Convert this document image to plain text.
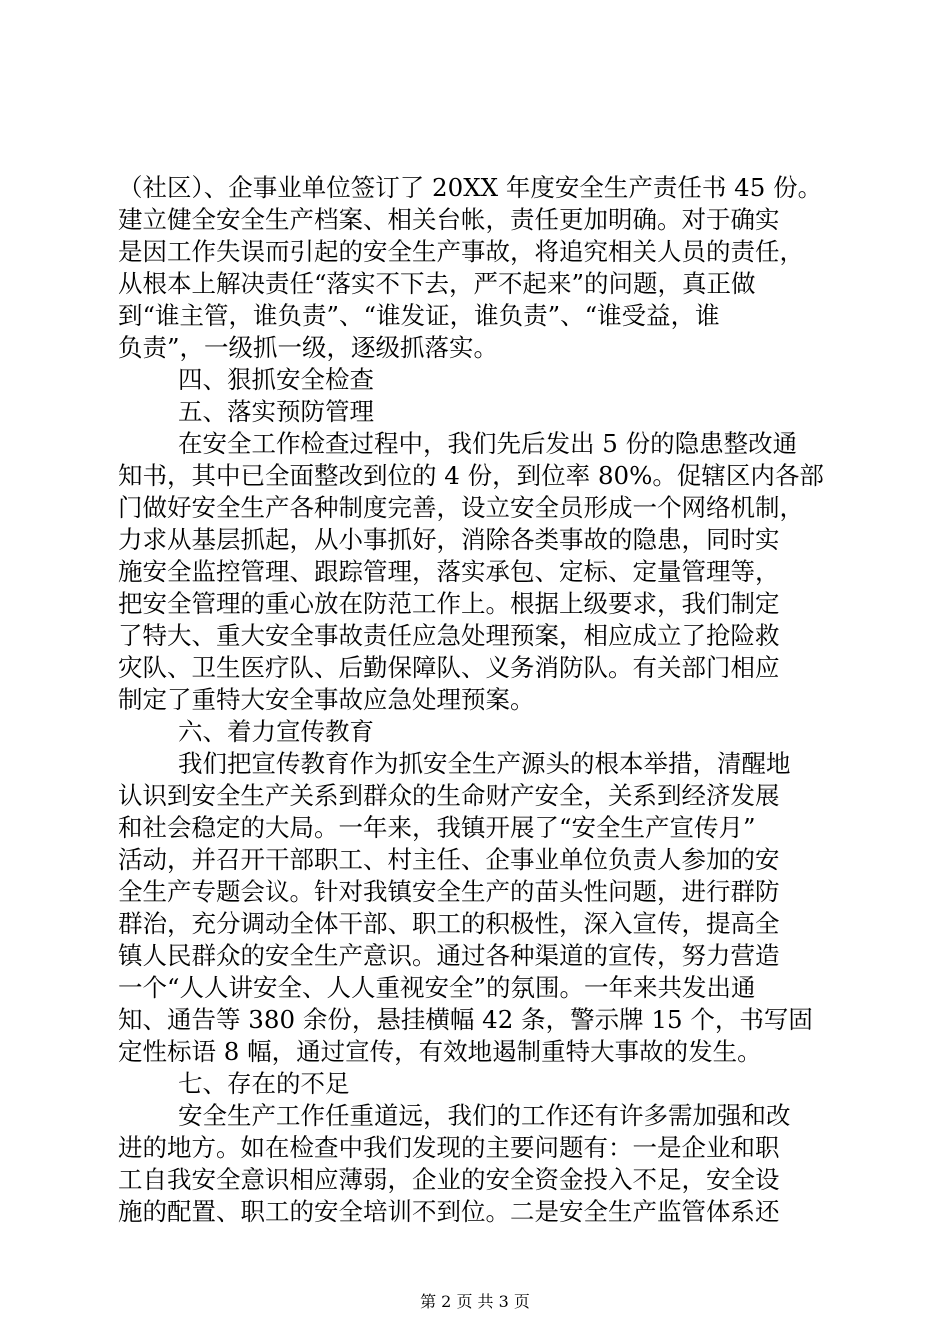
（社区）、企事业单位签订了 20XX 年度安全生产责任书 45 份。
建立健全安全生产档案、相关台帐，责任更加明确。对于确实
是因工作失误而引起的安全生产事故，将追究相关人员的责任，
从根本上解决责任“落实不下去，严不起来”的问题，真正做
到“谁主管，谁负责”、“谁发证，谁负责”、“谁受益，谁
负责”，一级抓一级，逐级抓落实。
四、狠抓安全检查
五、落实预防管理
在安全工作检查过程中，我们先后发出 5 份的隐患整改通
知书，其中已全面整改到位的 4 份，到位率 80%。促辖区内各部
门做好安全生产各种制度完善，设立安全员形成一个网络机制，
力求从基层抓起，从小事抓好，消除各类事故的隐患，同时实
施安全监控管理、跟踪管理，落实承包、定标、定量管理等，
把安全管理的重心放在防范工作上。根据上级要求，我们制定
了特大、重大安全事故责任应急处理预案，相应成立了抢险救
灾队、卫生医疗队、后勤保障队、义务消防队。有关部门相应
制定了重特大安全事故应急处理预案。
六、着力宣传教育
我们把宣传教育作为抓安全生产源头的根本举措，清醒地
认识到安全生产关系到群众的生命财产安全，关系到经济发展
和社会稳定的大局。一年来，我镇开展了“安全生产宣传月”
活动，并召开干部职工、村主任、企事业单位负责人参加的安
全生产专题会议。针对我镇安全生产的苗头性问题，进行群防
群治，充分调动全体干部、职工的积极性，深入宣传，提高全
镇人民群众的安全生产意识。通过各种渠道的宣传，努力营造
一个“人人讲安全、人人重视安全”的氛围。一年来共发出通
知、通告等 380 余份，悬挂横幅 42 条，警示牌 15 个，书写固
定性标语 8 幅，通过宣传，有效地遏制重特大事故的发生。
七、存在的不足
安全生产工作任重道远，我们的工作还有许多需加强和改
进的地方。如在检查中我们发现的主要问题有：一是企业和职
工自我安全意识相应薄弱，企业的安全资金投入不足，安全设
施的配置、职工的安全培训不到位。二是安全生产监管体系还
第 2 页 共 3 页
